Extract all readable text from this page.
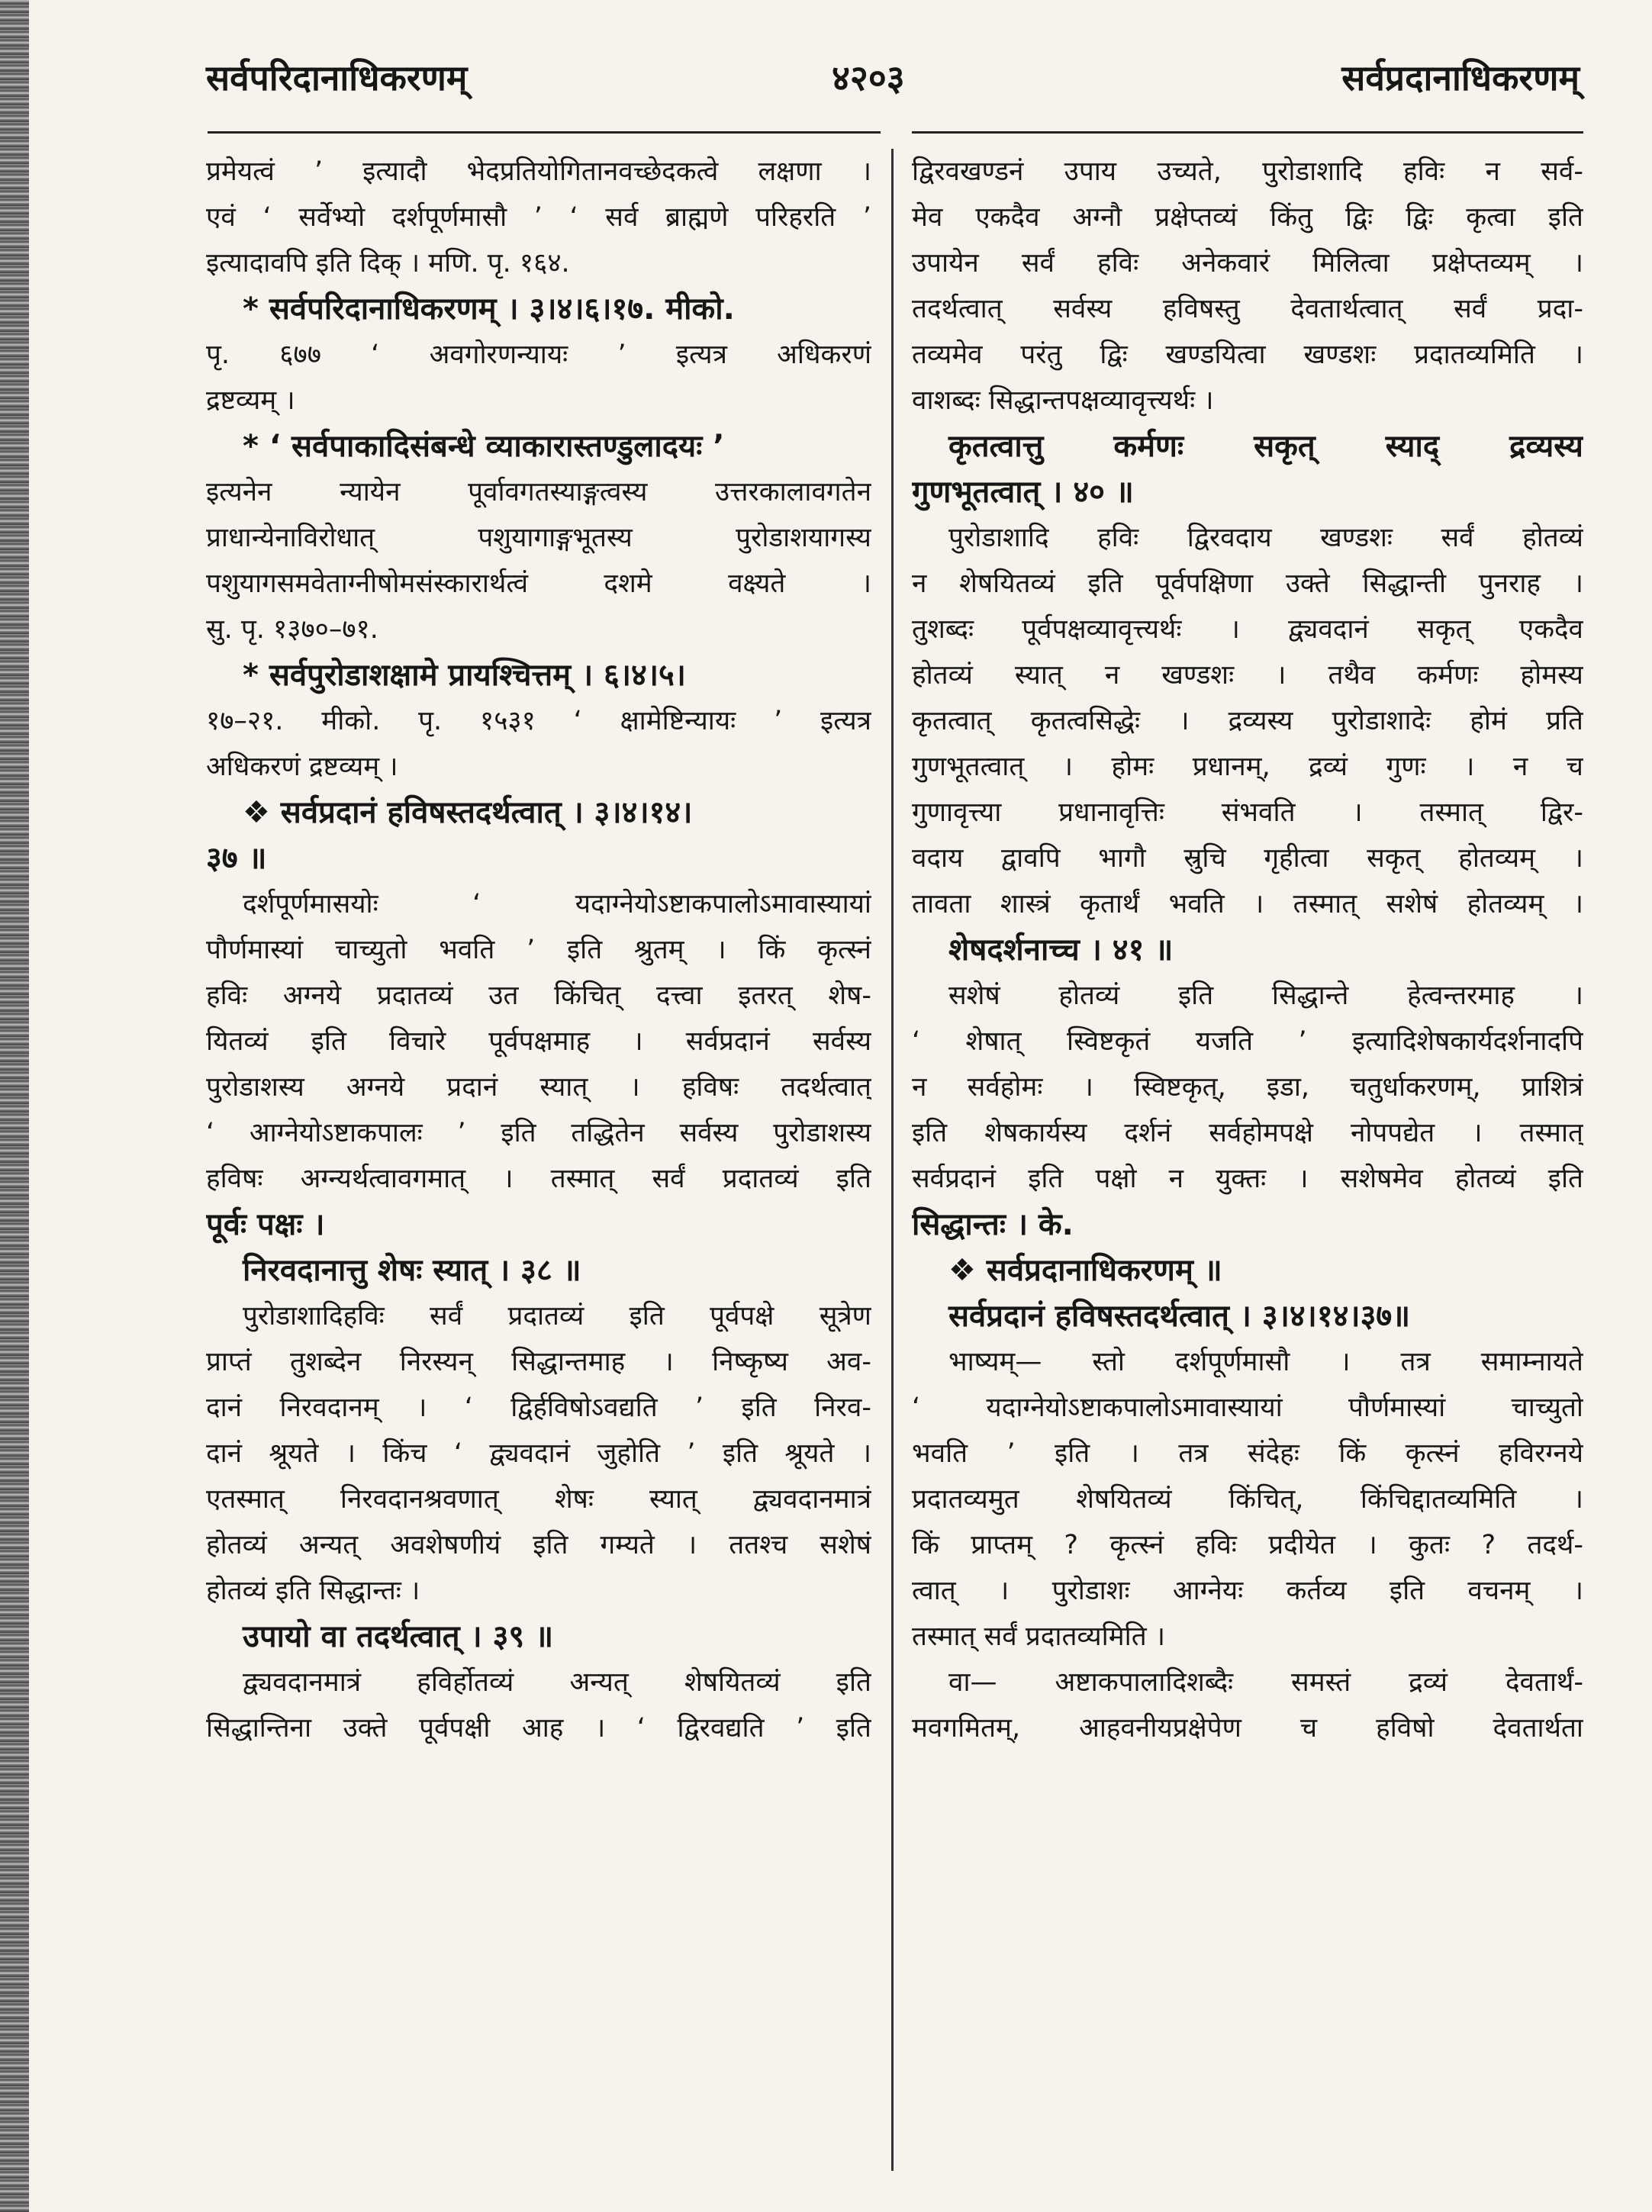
सर्वपरिदानाधिकरणम्	४२०३	सर्वप्रदानाधिकरणम्
प्रमेयत्वं ’ इत्यादौ भेदप्रतियोगितानवच्छेदकत्वे लक्षणा ।
एवं ‘ सर्वेभ्यो दर्शपूर्णमासौ ’ ‘ सर्व ब्राह्मणे परिहरति ’
इत्यादावपि इति दिक् । मणि. पृ. १६४.
* सर्वपरिदानाधिकरणम् । ३।४।६।१७. मीको.
पृ. ६७७ ‘ अवगोरणन्यायः ’ इत्यत्र अधिकरणं
द्रष्टव्यम् ।
* ‘ सर्वपाकादिसंबन्धे व्याकारास्तण्डुलादयः ’
इत्यनेन न्यायेन पूर्वावगतस्याङ्गत्वस्य उत्तरकालावगतेन
प्राधान्येनाविरोधात् पशुयागाङ्गभूतस्य पुरोडाशयागस्य
पशुयागसमवेताग्नीषोमसंस्कारार्थत्वं दशमे वक्ष्यते ।
सु. पृ. १३७०–७१.
* सर्वपुरोडाशक्षामे प्रायश्चित्तम् । ६।४।५।
१७–२१. मीको. पृ. १५३१ ‘ क्षामेष्टिन्यायः ’ इत्यत्र
अधिकरणं द्रष्टव्यम् ।
❖ सर्वप्रदानं हविषस्तदर्थत्वात् । ३।४।१४।
३७ ॥
दर्शपूर्णमासयोः ‘ यदाग्नेयोऽष्टाकपालोऽमावास्यायां
पौर्णमास्यां चाच्युतो भवति ’ इति श्रुतम् । किं कृत्स्नं
हविः अग्नये प्रदातव्यं उत किंचित् दत्त्वा इतरत् शेष-
यितव्यं इति विचारे पूर्वपक्षमाह । सर्वप्रदानं सर्वस्य
पुरोडाशस्य अग्नये प्रदानं स्यात् । हविषः तदर्थत्वात्
‘ आग्नेयोऽष्टाकपालः ’ इति तद्धितेन सर्वस्य पुरोडाशस्य
हविषः अग्न्यर्थत्वावगमात् । तस्मात् सर्वं प्रदातव्यं इति
पूर्वः पक्षः ।
निरवदानात्तु शेषः स्यात् । ३८ ॥
पुरोडाशादिहविः सर्वं प्रदातव्यं इति पूर्वपक्षे सूत्रेण
प्राप्तं तुशब्देन निरस्यन् सिद्धान्तमाह । निष्कृष्य अव-
दानं निरवदानम् । ‘ द्विर्हविषोऽवद्यति ’ इति निरव-
दानं श्रूयते । किंच ‘ द्व्यवदानं जुहोति ’ इति श्रूयते ।
एतस्मात् निरवदानश्रवणात् शेषः स्यात् द्व्यवदानमात्रं
होतव्यं अन्यत् अवशेषणीयं इति गम्यते । ततश्च सशेषं
होतव्यं इति सिद्धान्तः ।
उपायो वा तदर्थत्वात् । ३९ ॥
द्व्यवदानमात्रं हविर्होतव्यं अन्यत् शेषयितव्यं इति
सिद्धान्तिना उक्ते पूर्वपक्षी आह । ‘ द्विरवद्यति ’ इति
द्विरवखण्डनं उपाय उच्यते, पुरोडाशादि हविः न सर्व-
मेव एकदैव अग्नौ प्रक्षेप्तव्यं किंतु द्विः द्विः कृत्वा इति
उपायेन सर्वं हविः अनेकवारं मिलित्वा प्रक्षेप्तव्यम् ।
तदर्थत्वात् सर्वस्य हविषस्तु देवतार्थत्वात् सर्वं प्रदा-
तव्यमेव परंतु द्विः खण्डयित्वा खण्डशः प्रदातव्यमिति ।
वाशब्दः सिद्धान्तपक्षव्यावृत्त्यर्थः ।
कृतत्वात्तु कर्मणः सकृत् स्याद् द्रव्यस्य
गुणभूतत्वात् । ४० ॥
पुरोडाशादि हविः द्विरवदाय खण्डशः सर्वं होतव्यं
न शेषयितव्यं इति पूर्वपक्षिणा उक्ते सिद्धान्ती पुनराह ।
तुशब्दः पूर्वपक्षव्यावृत्त्यर्थः । द्व्यवदानं सकृत् एकदैव
होतव्यं स्यात् न खण्डशः । तथैव कर्मणः होमस्य
कृतत्वात् कृतत्वसिद्धेः । द्रव्यस्य पुरोडाशादेः होमं प्रति
गुणभूतत्वात् । होमः प्रधानम्, द्रव्यं गुणः । न च
गुणावृत्त्या प्रधानावृत्तिः संभवति । तस्मात् द्विर-
वदाय द्वावपि भागौ स्रुचि गृहीत्वा सकृत् होतव्यम् ।
तावता शास्त्रं कृतार्थं भवति । तस्मात् सशेषं होतव्यम् ।
शेषदर्शनाच्च । ४१ ॥
सशेषं होतव्यं इति सिद्धान्ते हेत्वन्तरमाह ।
‘ शेषात् स्विष्टकृतं यजति ’ इत्यादिशेषकार्यदर्शनादपि
न सर्वहोमः । स्विष्टकृत्, इडा, चतुर्धाकरणम्, प्राशित्रं
इति शेषकार्यस्य दर्शनं सर्वहोमपक्षे नोपपद्येत । तस्मात्
सर्वप्रदानं इति पक्षो न युक्तः । सशेषमेव होतव्यं इति
सिद्धान्तः । के.
❖ सर्वप्रदानाधिकरणम् ॥
सर्वप्रदानं हविषस्तदर्थत्वात् । ३।४।१४।३७॥
भाष्यम्— स्तो दर्शपूर्णमासौ । तत्र समाम्नायते
‘ यदाग्नेयोऽष्टाकपालोऽमावास्यायां पौर्णमास्यां चाच्युतो
भवति ’ इति । तत्र संदेहः किं कृत्स्नं हविरग्नये
प्रदातव्यमुत शेषयितव्यं किंचित्, किंचिद्दातव्यमिति ।
किं प्राप्तम् ? कृत्स्नं हविः प्रदीयेत । कुतः ? तदर्थ-
त्वात् । पुरोडाशः आग्नेयः कर्तव्य इति वचनम् ।
तस्मात् सर्वं प्रदातव्यमिति ।
वा— अष्टाकपालादिशब्दैः समस्तं द्रव्यं देवतार्थं-
मवगमितम्, आहवनीयप्रक्षेपेण च हविषो देवतार्थता
